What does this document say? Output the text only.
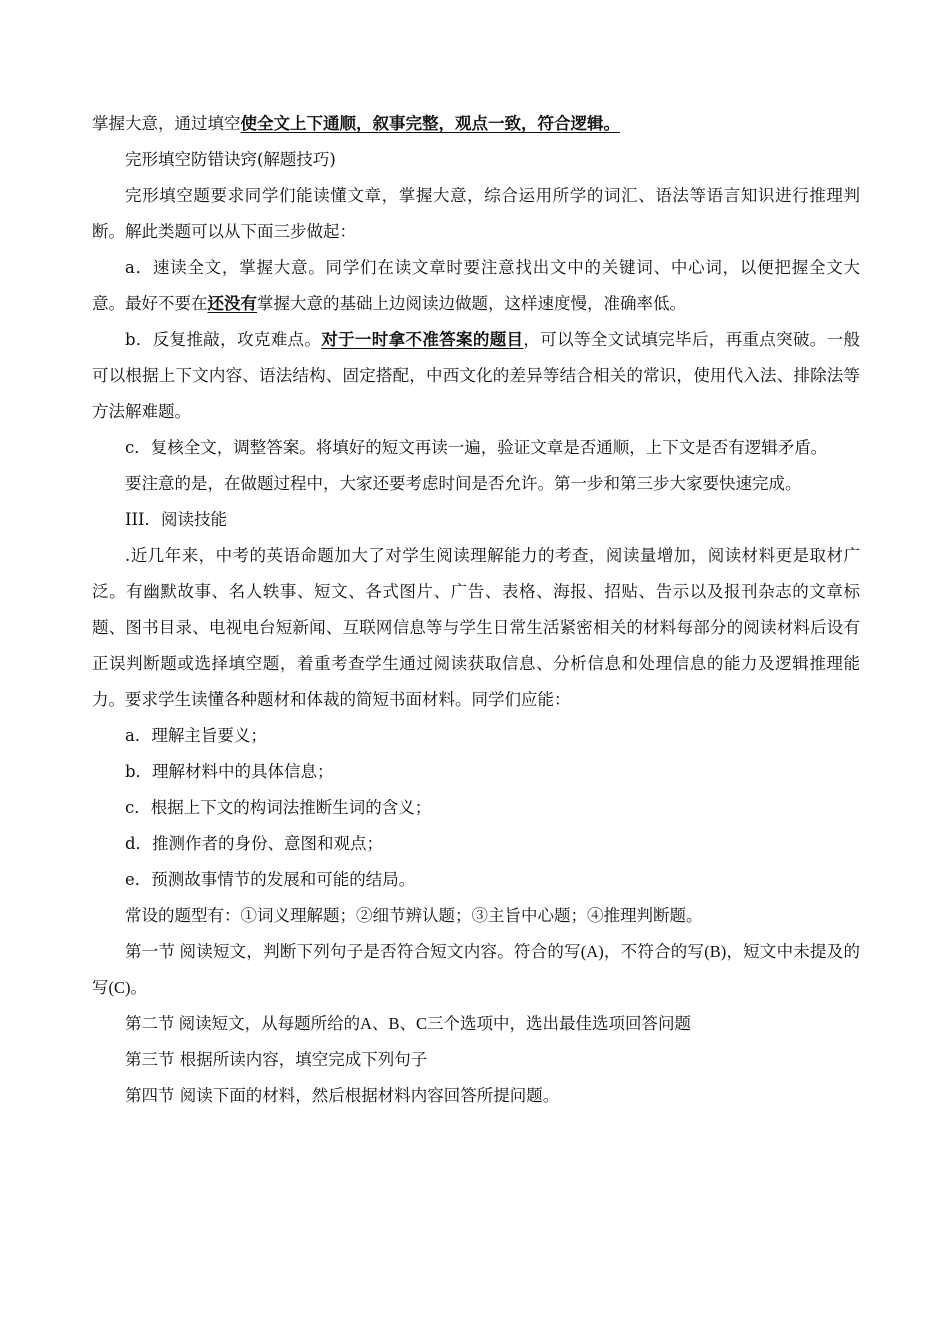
掌握大意，通过填空使全文上下通顺，叙事完整，观点一致，符合逻辑。

完形填空防错诀窍(解题技巧)

完形填空题要求同学们能读懂文章，掌握大意，综合运用所学的词汇、语法等语言知识进行推理判断。解此类题可以从下面三步做起：

a．速读全文，掌握大意。同学们在读文章时要注意找出文中的关键词、中心词，以便把握全文大意。最好不要在还没有掌握大意的基础上边阅读边做题，这样速度慢，准确率低。

b．反复推敲，攻克难点。对于一时拿不准答案的题目，可以等全文试填完毕后，再重点突破。一般可以根据上下文内容、语法结构、固定搭配，中西文化的差异等结合相关的常识，使用代入法、排除法等方法解难题。

c．复核全文，调整答案。将填好的短文再读一遍，验证文章是否通顺，上下文是否有逻辑矛盾。

要注意的是，在做题过程中，大家还要考虑时间是否允许。第一步和第三步大家要快速完成。

III．阅读技能

.近几年来，中考的英语命题加大了对学生阅读理解能力的考查，阅读量增加，阅读材料更是取材广泛。有幽默故事、名人轶事、短文、各式图片、广告、表格、海报、招贴、告示以及报刊杂志的文章标题、图书目录、电视电台短新闻、互联网信息等与学生日常生活紧密相关的材料每部分的阅读材料后设有正误判断题或选择填空题，着重考查学生通过阅读获取信息、分析信息和处理信息的能力及逻辑推理能力。要求学生读懂各种题材和体裁的简短书面材料。同学们应能：

a．理解主旨要义；

b．理解材料中的具体信息；

c．根据上下文的构词法推断生词的含义；

d．推测作者的身份、意图和观点；

e．预测故事情节的发展和可能的结局。

常设的题型有：①词义理解题；②细节辨认题；③主旨中心题；④推理判断题。

第一节 阅读短文，判断下列句子是否符合短文内容。符合的写(A)，不符合的写(B)，短文中未提及的写(C)。

第二节 阅读短文，从每题所给的A、B、C三个选项中，选出最佳选项回答问题

第三节 根据所读内容，填空完成下列句子

第四节 阅读下面的材料，然后根据材料内容回答所提问题。
